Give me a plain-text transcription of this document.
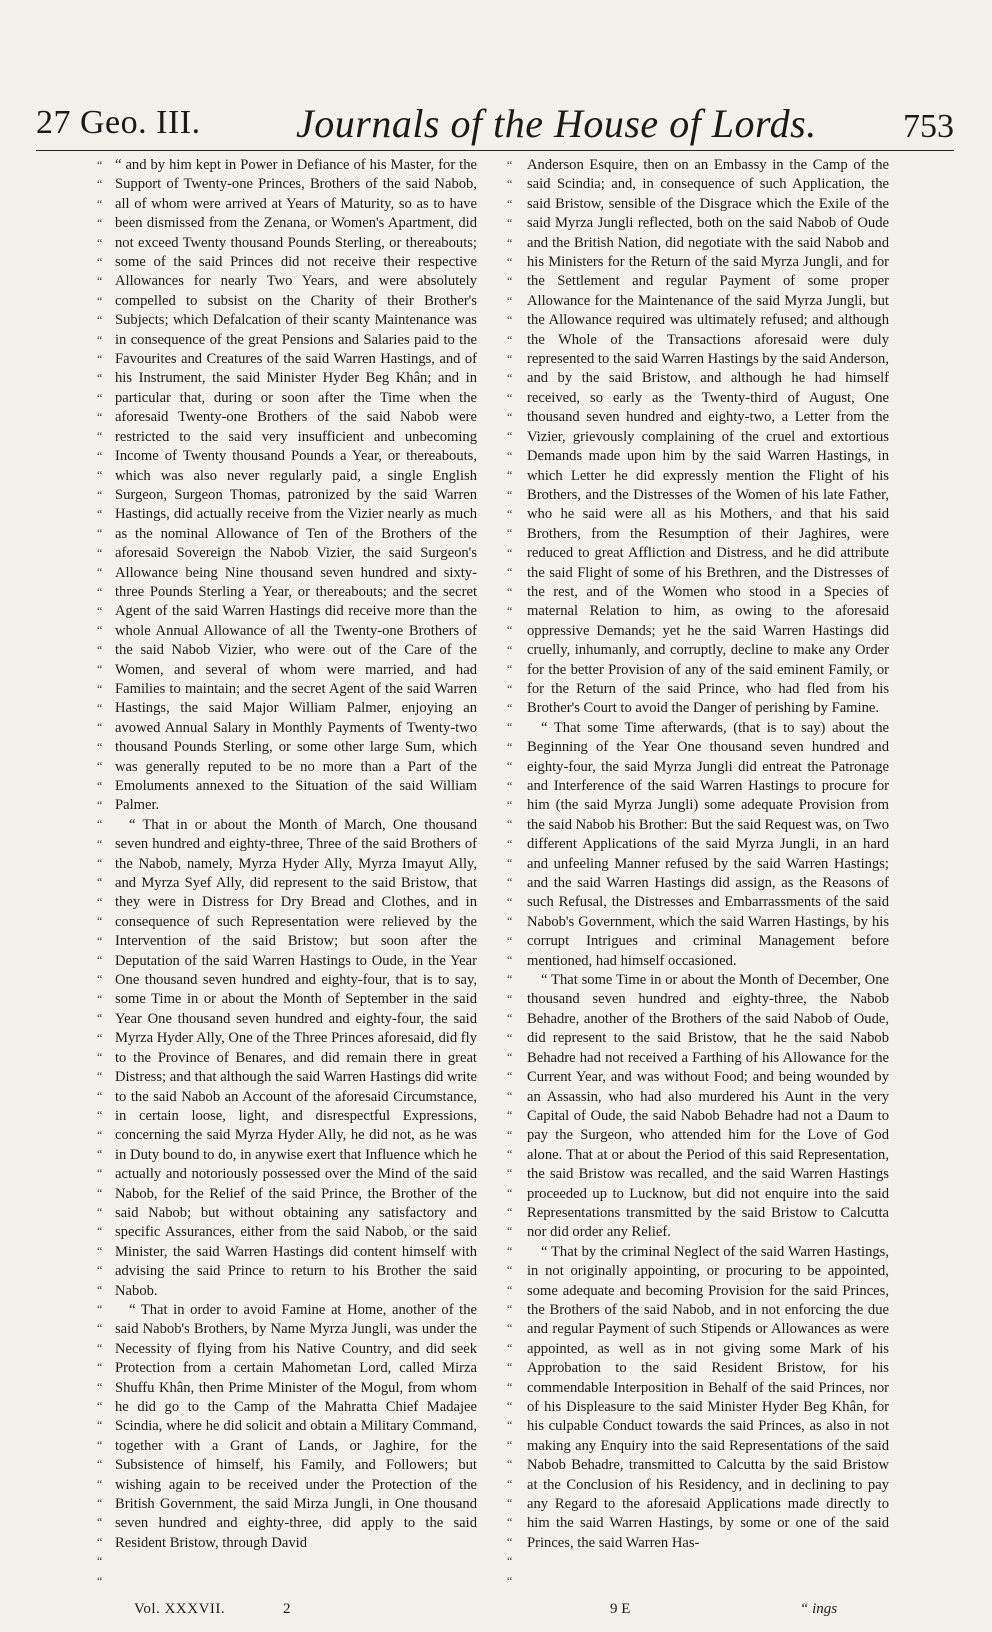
27 Geo. III. Journals of the House of Lords.	753
“
“
“
“
“
“
“
“
“
“
“
“
“
“
“
“
“
“
“
“
“
“
“
“
“
“
“
“
“
“
“
“
“
“
“
“
“
“
“
“
“
“
“
“
“
“
“
“
“
“
“
“
“
“
“
“
“
“
“
“
“
“
“
“
“
“
“
“
“
“
“
“
“
“
“
“
“
“
“
“
“
“
“
“
“
“
“
“
“
“
“
“
“
“
“
“
“
“
“
“
“
“
“
“
“
“
“
“
“
“
“
“
“
“
“
“
“
“
“
“
“
“
“
“
“
“
“
“
“
“
“
“
“
“
“
“
“
“
“
“
“
“
“
“
“
“
“
“

“ and by him kept in Power in Defiance of his Master, for the Support of Twenty-one Princes, Brothers of the said Nabob, all of whom were arrived at Years of Maturity, so as to have been dismissed from the Zenana, or Women's Apartment, did not exceed Twenty thousand Pounds Sterling, or thereabouts; some of the said Princes did not receive their respective Allowances for nearly Two Years, and were absolutely compelled to subsist on the Charity of their Brother's Subjects; which Defalcation of their scanty Maintenance was in consequence of the great Pensions and Salaries paid to the Favourites and Creatures of the said Warren Hastings, and of his Instrument, the said Minister Hyder Beg Khân; and in particular that, during or soon after the Time when the aforesaid Twenty-one Brothers of the said Nabob were restricted to the said very insufficient and unbecoming Income of Twenty thousand Pounds a Year, or thereabouts, which was also never regularly paid, a single English Surgeon, Surgeon Thomas, patronized by the said Warren Hastings, did actually receive from the Vizier nearly as much as the nominal Allowance of Ten of the Brothers of the aforesaid Sovereign the Nabob Vizier, the said Surgeon's Allowance being Nine thousand seven hundred and sixty-three Pounds Sterling a Year, or thereabouts; and the secret Agent of the said Warren Hastings did receive more than the whole Annual Allowance of all the Twenty-one Brothers of the said Nabob Vizier, who were out of the Care of the Women, and several of whom were married, and had Families to maintain; and the secret Agent of the said Warren Hastings, the said Major William Palmer, enjoying an avowed Annual Salary in Monthly Payments of Twenty-two thousand Pounds Sterling, or some other large Sum, which was generally reputed to be no more than a Part of the Emoluments annexed to the Situation of the said William Palmer.

“ That in or about the Month of March, One thousand seven hundred and eighty-three, Three of the said Brothers of the Nabob, namely, Myrza Hyder Ally, Myrza Imayut Ally, and Myrza Syef Ally, did represent to the said Bristow, that they were in Distress for Dry Bread and Clothes, and in consequence of such Representation were relieved by the Intervention of the said Bristow; but soon after the Deputation of the said Warren Hastings to Oude, in the Year One thousand seven hundred and eighty-four, that is to say, some Time in or about the Month of September in the said Year One thousand seven hundred and eighty-four, the said Myrza Hyder Ally, One of the Three Princes aforesaid, did fly to the Province of Benares, and did remain there in great Distress; and that although the said Warren Hastings did write to the said Nabob an Account of the aforesaid Circumstance, in certain loose, light, and disrespectful Expressions, concerning the said Myrza Hyder Ally, he did not, as he was in Duty bound to do, in anywise exert that Influence which he actually and notoriously possessed over the Mind of the said Nabob, for the Relief of the said Prince, the Brother of the said Nabob; but without obtaining any satisfactory and specific Assurances, either from the said Nabob, or the said Minister, the said Warren Hastings did content himself with advising the said Prince to return to his Brother the said Nabob.

“ That in order to avoid Famine at Home, another of the said Nabob's Brothers, by Name Myrza Jungli, was under the Necessity of flying from his Native Country, and did seek Protection from a certain Mahometan Lord, called Mirza Shuffu Khân, then Prime Minister of the Mogul, from whom he did go to the Camp of the Mahratta Chief Madajee Scindia, where he did solicit and obtain a Military Command, together with a Grant of Lands, or Jaghire, for the Subsistence of himself, his Family, and Followers; but wishing again to be received under the Protection of the British Government, the said Mirza Jungli, in One thousand seven hundred and eighty-three, did apply to the said Resident Bristow, through David

Anderson Esquire, then on an Embassy in the Camp of the said Scindia; and, in consequence of such Application, the said Bristow, sensible of the Disgrace which the Exile of the said Myrza Jungli reflected, both on the said Nabob of Oude and the British Nation, did negotiate with the said Nabob and his Ministers for the Return of the said Myrza Jungli, and for the Settlement and regular Payment of some proper Allowance for the Maintenance of the said Myrza Jungli, but the Allowance required was ultimately refused; and although the Whole of the Transactions aforesaid were duly represented to the said Warren Hastings by the said Anderson, and by the said Bristow, and although he had himself received, so early as the Twenty-third of August, One thousand seven hundred and eighty-two, a Letter from the Vizier, grievously complaining of the cruel and extortious Demands made upon him by the said Warren Hastings, in which Letter he did expressly mention the Flight of his Brothers, and the Distresses of the Women of his late Father, who he said were all as his Mothers, and that his said Brothers, from the Resumption of their Jaghires, were reduced to great Affliction and Distress, and he did attribute the said Flight of some of his Brethren, and the Distresses of the rest, and of the Women who stood in a Species of maternal Relation to him, as owing to the aforesaid oppressive Demands; yet he the said Warren Hastings did cruelly, inhumanly, and corruptly, decline to make any Order for the better Provision of any of the said eminent Family, or for the Return of the said Prince, who had fled from his Brother's Court to avoid the Danger of perishing by Famine.

“ That some Time afterwards, (that is to say) about the Beginning of the Year One thousand seven hundred and eighty-four, the said Myrza Jungli did entreat the Patronage and Interference of the said Warren Hastings to procure for him (the said Myrza Jungli) some adequate Provision from the said Nabob his Brother: But the said Request was, on Two different Applications of the said Myrza Jungli, in an hard and unfeeling Manner refused by the said Warren Hastings; and the said Warren Hastings did assign, as the Reasons of such Refusal, the Distresses and Embarrassments of the said Nabob's Government, which the said Warren Hastings, by his corrupt Intrigues and criminal Management before mentioned, had himself occasioned.

“ That some Time in or about the Month of December, One thousand seven hundred and eighty-three, the Nabob Behadre, another of the Brothers of the said Nabob of Oude, did represent to the said Bristow, that he the said Nabob Behadre had not received a Farthing of his Allowance for the Current Year, and was without Food; and being wounded by an Assassin, who had also murdered his Aunt in the very Capital of Oude, the said Nabob Behadre had not a Daum to pay the Surgeon, who attended him for the Love of God alone. That at or about the Period of this said Representation, the said Bristow was recalled, and the said Warren Hastings proceeded up to Lucknow, but did not enquire into the said Representations transmitted by the said Bristow to Calcutta nor did order any Relief.

“ That by the criminal Neglect of the said Warren Hastings, in not originally appointing, or procuring to be appointed, some adequate and becoming Provision for the said Princes, the Brothers of the said Nabob, and in not enforcing the due and regular Payment of such Stipends or Allowances as were appointed, as well as in not giving some Mark of his Approbation to the said Resident Bristow, for his commendable Interposition in Behalf of the said Princes, nor of his Displeasure to the said Minister Hyder Beg Khân, for his culpable Conduct towards the said Princes, as also in not making any Enquiry into the said Representations of the said Nabob Behadre, transmitted to Calcutta by the said Bristow at the Conclusion of his Residency, and in declining to pay any Regard to the aforesaid Applications made directly to him the said Warren Hastings, by some or one of the said Princes, the said Warren Has-

Vol. XXXVII.	2	9 E	“ ings
